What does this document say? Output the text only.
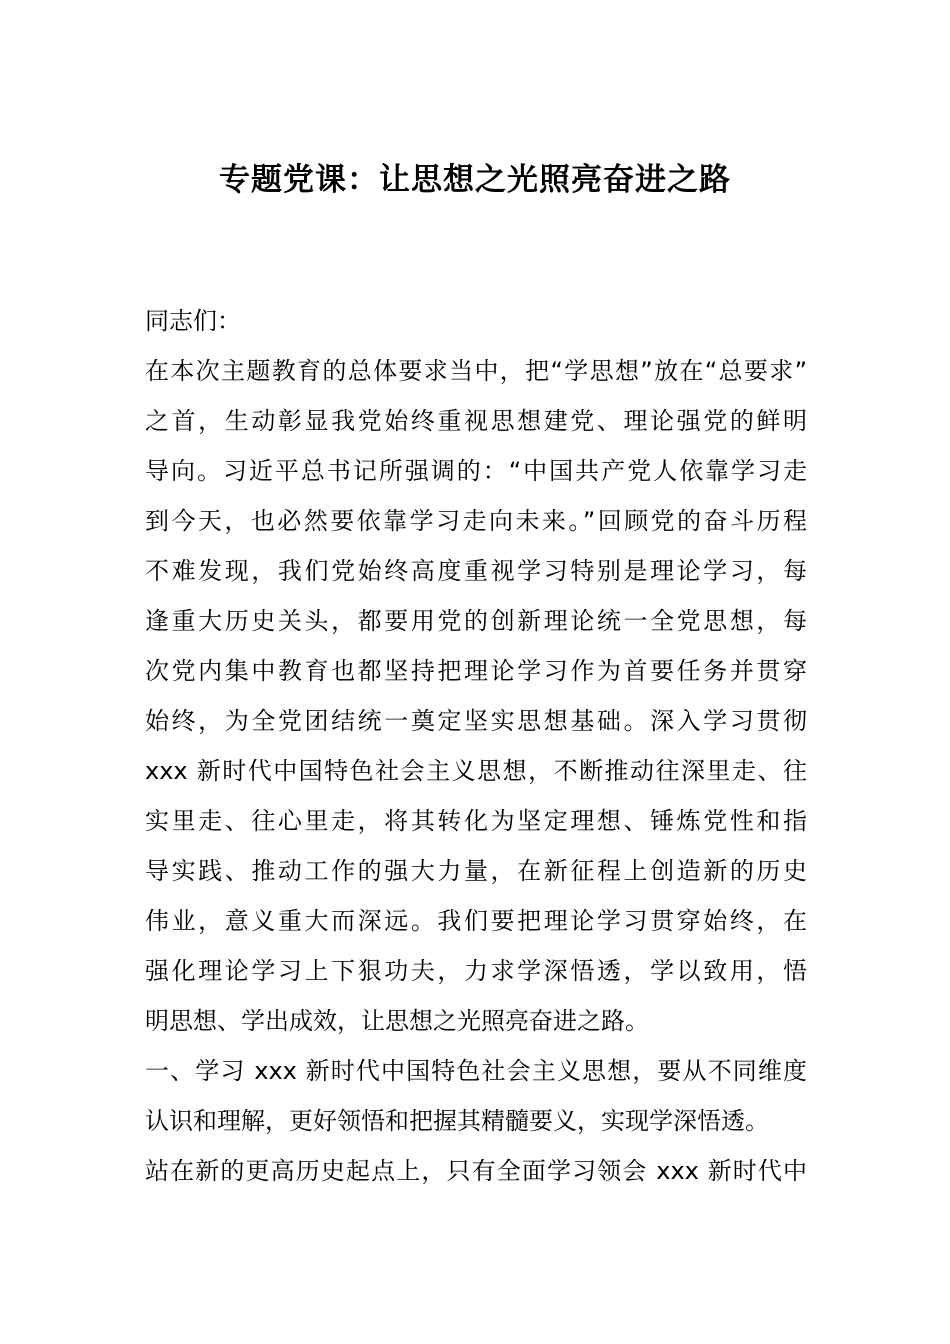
专题党课：让思想之光照亮奋进之路
同志们：
在本次主题教育的总体要求当中，把“学思想”放在“总要求”
之首，生动彰显我党始终重视思想建党、理论强党的鲜明
导向。习近平总书记所强调的：“中国共产党人依靠学习走
到今天，也必然要依靠学习走向未来。”回顾党的奋斗历程
不难发现，我们党始终高度重视学习特别是理论学习，每
逢重大历史关头，都要用党的创新理论统一全党思想，每
次党内集中教育也都坚持把理论学习作为首要任务并贯穿
始终，为全党团结统一奠定坚实思想基础。深入学习贯彻
xxx 新时代中国特色社会主义思想，不断推动往深里走、往
实里走、往心里走，将其转化为坚定理想、锤炼党性和指
导实践、推动工作的强大力量，在新征程上创造新的历史
伟业，意义重大而深远。我们要把理论学习贯穿始终，在
强化理论学习上下狠功夫，力求学深悟透，学以致用，悟
明思想、学出成效，让思想之光照亮奋进之路。
一、学习 xxx 新时代中国特色社会主义思想，要从不同维度
认识和理解，更好领悟和把握其精髓要义，实现学深悟透。
站在新的更高历史起点上，只有全面学习领会 xxx 新时代中
